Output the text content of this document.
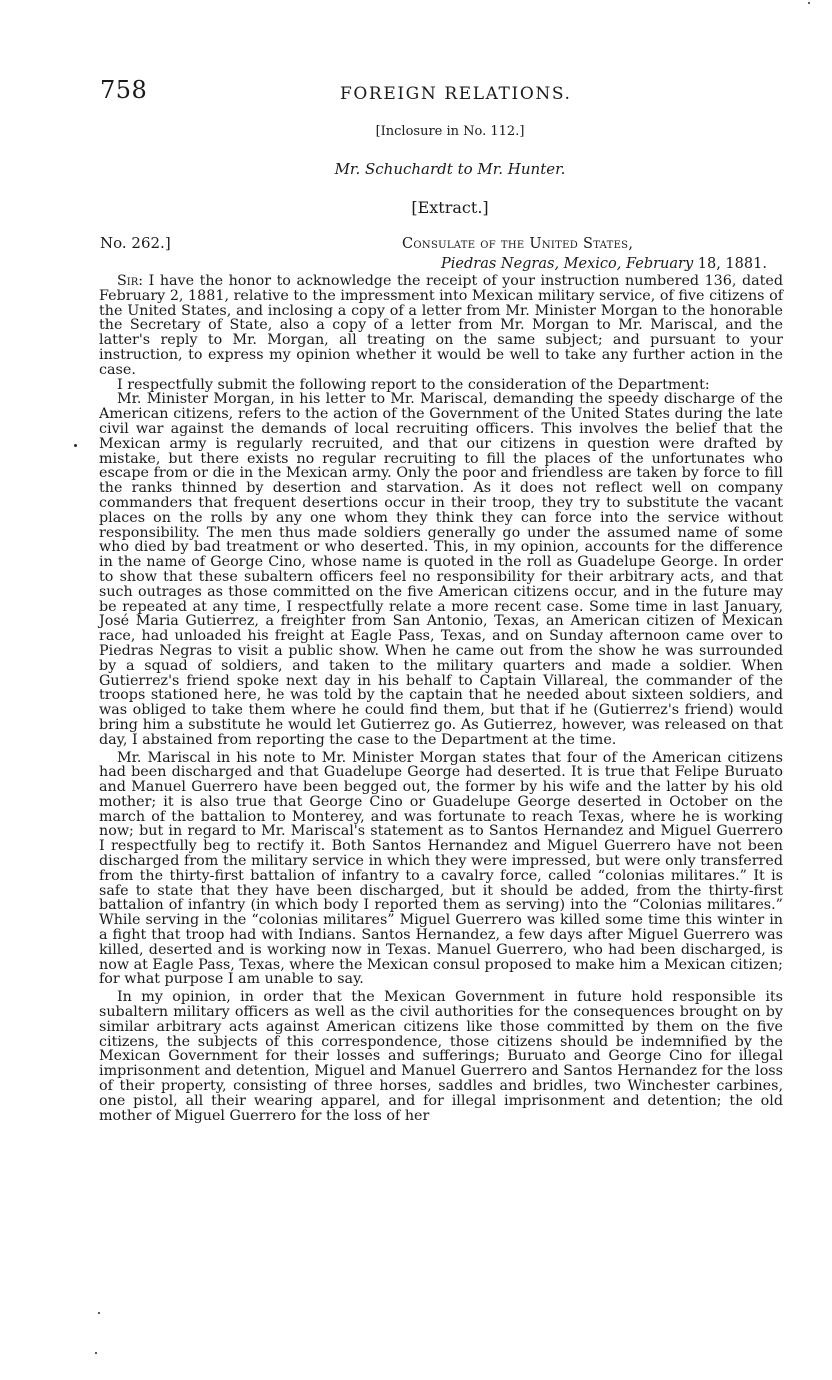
758	FOREIGN RELATIONS.
[Inclosure in No. 112.]
Mr. Schuchardt to Mr. Hunter.
[Extract.]
No. 262.]	Consulate of the United States,
Piedras Negras, Mexico, February 18, 1881.

Sir: I have the honor to acknowledge the receipt of your instruction numbered 136, dated February 2, 1881, relative to the impressment into Mexican military service, of five citizens of the United States, and inclosing a copy of a letter from Mr. Minister Morgan to the honorable the Secretary of State, also a copy of a letter from Mr. Morgan to Mr. Mariscal, and the latter's reply to Mr. Morgan, all treating on the same subject; and pursuant to your instruction, to express my opinion whether it would be well to take any further action in the case.

I respectfully submit the following report to the consideration of the Department:

Mr. Minister Morgan, in his letter to Mr. Mariscal, demanding the speedy discharge of the American citizens, refers to the action of the Government of the United States during the late civil war against the demands of local recruiting officers. This involves the belief that the Mexican army is regularly recruited, and that our citizens in question were drafted by mistake, but there exists no regular recruiting to fill the places of the unfortunates who escape from or die in the Mexican army. Only the poor and friendless are taken by force to fill the ranks thinned by desertion and starvation. As it does not reflect well on company commanders that frequent desertions occur in their troop, they try to substitute the vacant places on the rolls by any one whom they think they can force into the service without responsibility. The men thus made soldiers generally go under the assumed name of some who died by bad treatment or who deserted. This, in my opinion, accounts for the difference in the name of George Cino, whose name is quoted in the roll as Guadelupe George. In order to show that these subaltern officers feel no responsibility for their arbitrary acts, and that such outrages as those committed on the five American citizens occur, and in the future may be repeated at any time, I respectfully relate a more recent case. Some time in last January, José Maria Gutierrez, a freighter from San Antonio, Texas, an American citizen of Mexican race, had unloaded his freight at Eagle Pass, Texas, and on Sunday afternoon came over to Piedras Negras to visit a public show. When he came out from the show he was surrounded by a squad of soldiers, and taken to the military quarters and made a soldier. When Gutierrez's friend spoke next day in his behalf to Captain Villareal, the commander of the troops stationed here, he was told by the captain that he needed about sixteen soldiers, and was obliged to take them where he could find them, but that if he (Gutierrez's friend) would bring him a substitute he would let Gutierrez go. As Gutierrez, however, was released on that day, I abstained from reporting the case to the Department at the time.

Mr. Mariscal in his note to Mr. Minister Morgan states that four of the American citizens had been discharged and that Guadelupe George had deserted. It is true that Felipe Buruato and Manuel Guerrero have been begged out, the former by his wife and the latter by his old mother; it is also true that George Cino or Guadelupe George deserted in October on the march of the battalion to Monterey, and was fortunate to reach Texas, where he is working now; but in regard to Mr. Mariscal's statement as to Santos Hernandez and Miguel Guerrero I respectfully beg to rectify it. Both Santos Hernandez and Miguel Guerrero have not been discharged from the military service in which they were impressed, but were only transferred from the thirty-first battalion of infantry to a cavalry force, called “colonias militares.” It is safe to state that they have been discharged, but it should be added, from the thirty-first battalion of infantry (in which body I reported them as serving) into the “Colonias militares.” While serving in the “colonias militares” Miguel Guerrero was killed some time this winter in a fight that troop had with Indians. Santos Hernandez, a few days after Miguel Guerrero was killed, deserted and is working now in Texas. Manuel Guerrero, who had been discharged, is now at Eagle Pass, Texas, where the Mexican consul proposed to make him a Mexican citizen; for what purpose I am unable to say.

In my opinion, in order that the Mexican Government in future hold responsible its subaltern military officers as well as the civil authorities for the consequences brought on by similar arbitrary acts against American citizens like those committed by them on the five citizens, the subjects of this correspondence, those citizens should be indemnified by the Mexican Government for their losses and sufferings; Buruato and George Cino for illegal imprisonment and detention, Miguel and Manuel Guerrero and Santos Hernandez for the loss of their property, consisting of three horses, saddles and bridles, two Winchester carbines, one pistol, all their wearing apparel, and for illegal imprisonment and detention; the old mother of Miguel Guerrero for the loss of her
